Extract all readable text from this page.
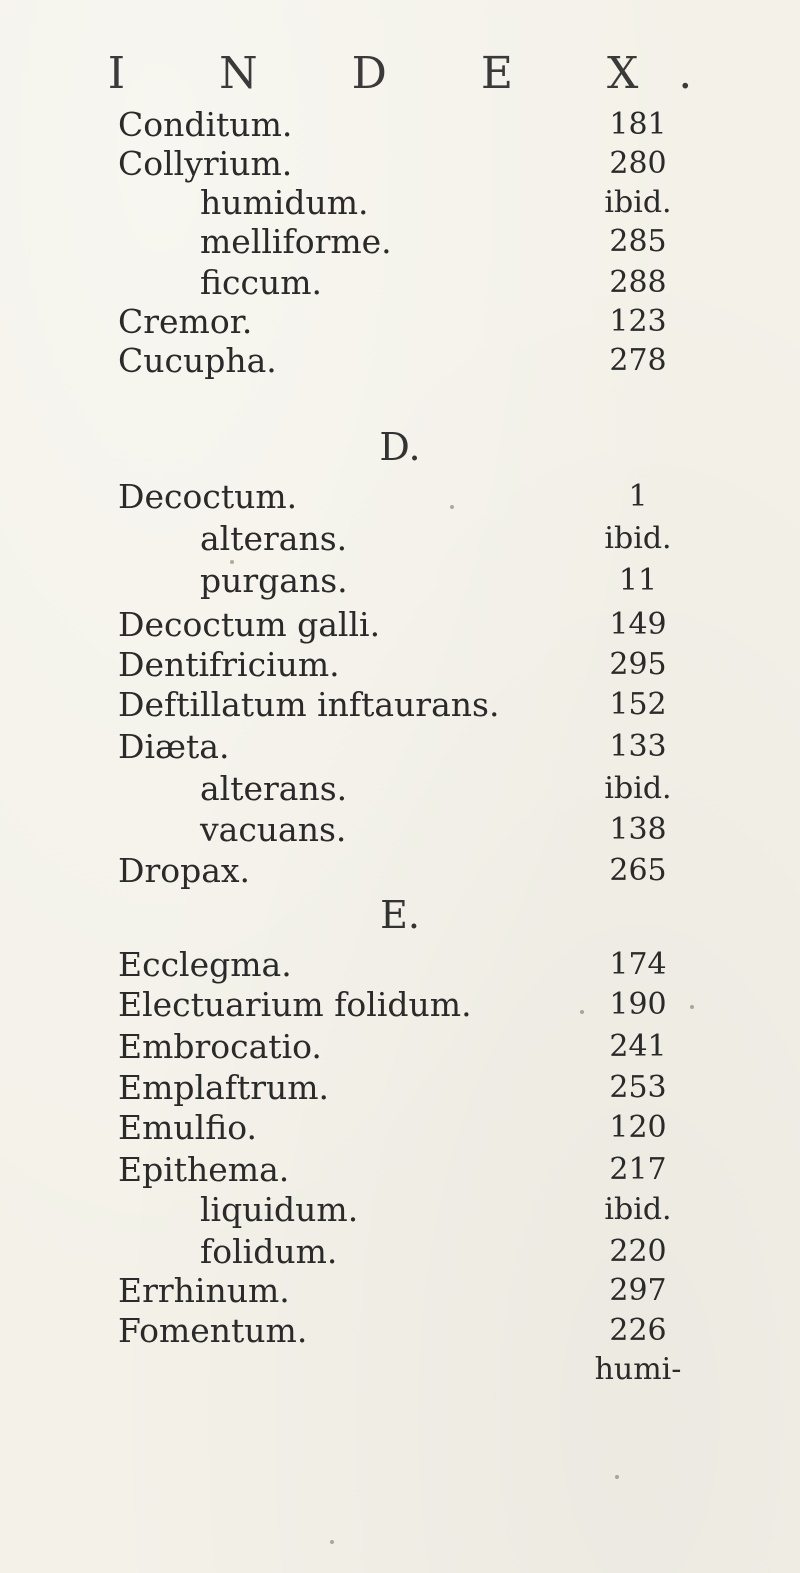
I N D E X.
Conditum.	181
Collyrium.	280
humidum.	ibid.
melliforme.	285
ficcum.	288
Cremor.	123
Cucupha.	278
D.
Decoctum.	1
alterans.	ibid.
purgans.	11
Decoctum galli.	149
Dentifricium.	295
Deftillatum inftaurans.	152
Diæta.	133
alterans.	ibid.
vacuans.	138
Dropax.	265
E.
Ecclegma.	174
Electuarium folidum.	190
Embrocatio.	241
Emplaftrum.	253
Emulfio.	120
Epithema.	217
liquidum.	ibid.
folidum.	220
Errhinum.	297
Fomentum.	226
humi-
